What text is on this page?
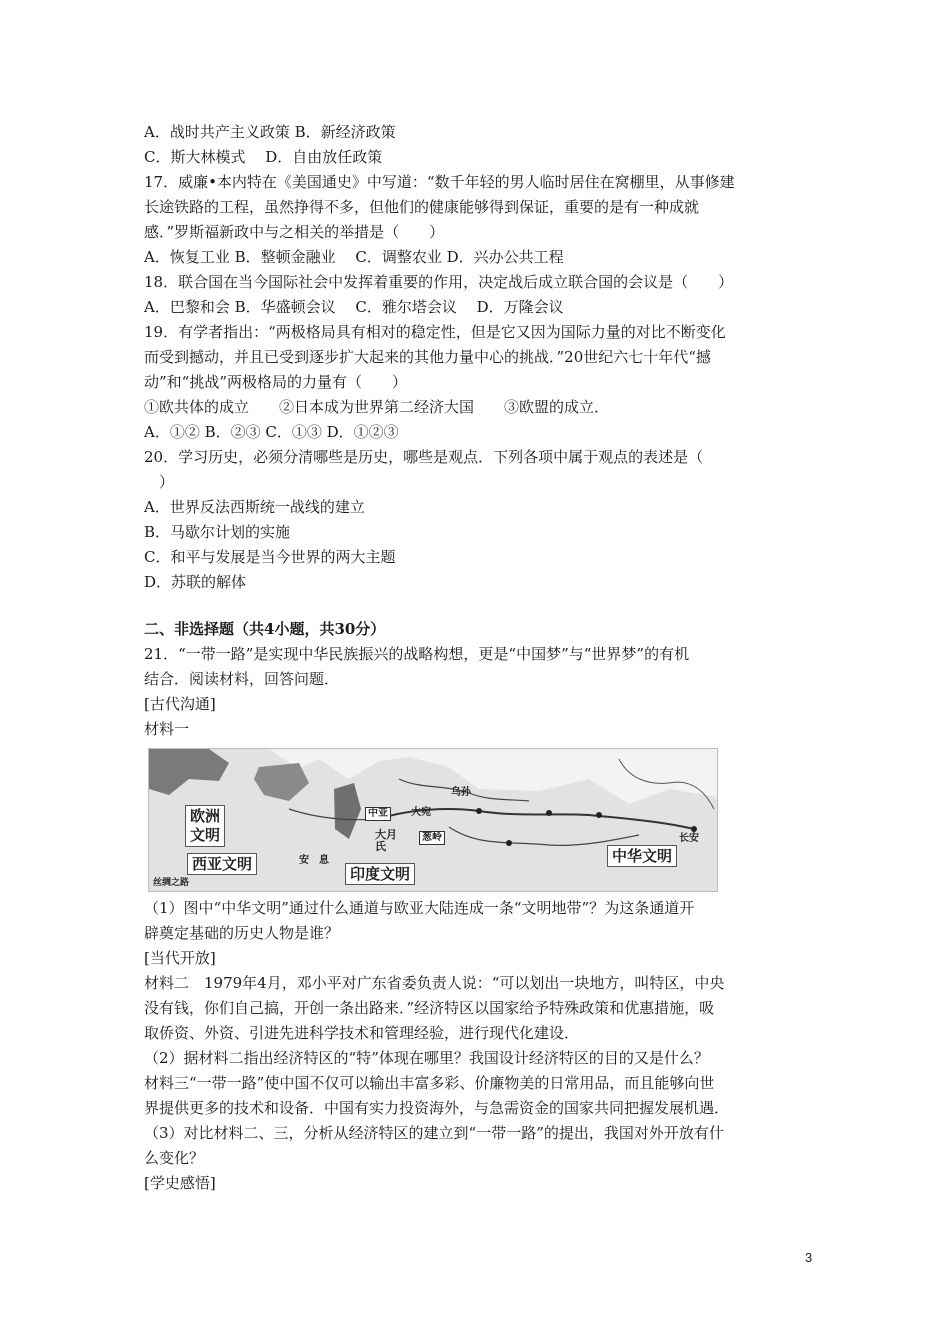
A．战时共产主义政策 B．新经济政策
C．斯大林模式　 D．自由放任政策
17．威廉•本内特在《美国通史》中写道：“数千年轻的男人临时居住在窝棚里，从事修建
长途铁路的工程，虽然挣得不多，但他们的健康能够得到保证，重要的是有一种成就
感．”罗斯福新政中与之相关的举措是（　　）
A．恢复工业 B．整顿金融业　 C．调整农业 D．兴办公共工程
18．联合国在当今国际社会中发挥着重要的作用，决定战后成立联合国的会议是（　　）
A．巴黎和会 B．华盛顿会议　 C．雅尔塔会议　 D．万隆会议
19．有学者指出：“两极格局具有相对的稳定性，但是它又因为国际力量的对比不断变化
而受到撼动，并且已受到逐步扩大起来的其他力量中心的挑战．”20世纪六七十年代“撼
动”和“挑战”两极格局的力量有（　　）
①欧共体的成立　　②日本成为世界第二经济大国　　③欧盟的成立．
A．①② B．②③ C．①③ D．①②③
20．学习历史，必须分清哪些是历史，哪些是观点．下列各项中属于观点的表述是（
　）
A．世界反法西斯统一战线的建立
B．马歇尔计划的实施
C．和平与发展是当今世界的两大主题
D．苏联的解体
二、非选择题（共4小题，共30分）
21．“一带一路”是实现中华民族振兴的战略构想，更是“中国梦”与“世界梦”的有机
结合．阅读材料，回答问题．
[古代沟通]
材料一
欧洲
文明
西亚文明
印度文明
中华文明
中亚
大月
氏
葱岭
安　息
大宛
乌孙
长安
丝绸之路
（1）图中“中华文明”通过什么通道与欧亚大陆连成一条“文明地带”？为这条通道开
辟奠定基础的历史人物是谁？
[当代开放]
材料二　1979年4月，邓小平对广东省委负责人说：“可以划出一块地方，叫特区，中央
没有钱，你们自己搞，开创一条出路来．”经济特区以国家给予特殊政策和优惠措施，吸
取侨资、外资、引进先进科学技术和管理经验，进行现代化建设．
（2）据材料二指出经济特区的“特”体现在哪里？我国设计经济特区的目的又是什么？
材料三“一带一路”使中国不仅可以输出丰富多彩、价廉物美的日常用品，而且能够向世
界提供更多的技术和设备．中国有实力投资海外，与急需资金的国家共同把握发展机遇．
（3）对比材料二、三，分析从经济特区的建立到“一带一路”的提出，我国对外开放有什
么变化？
[学史感悟]
3
